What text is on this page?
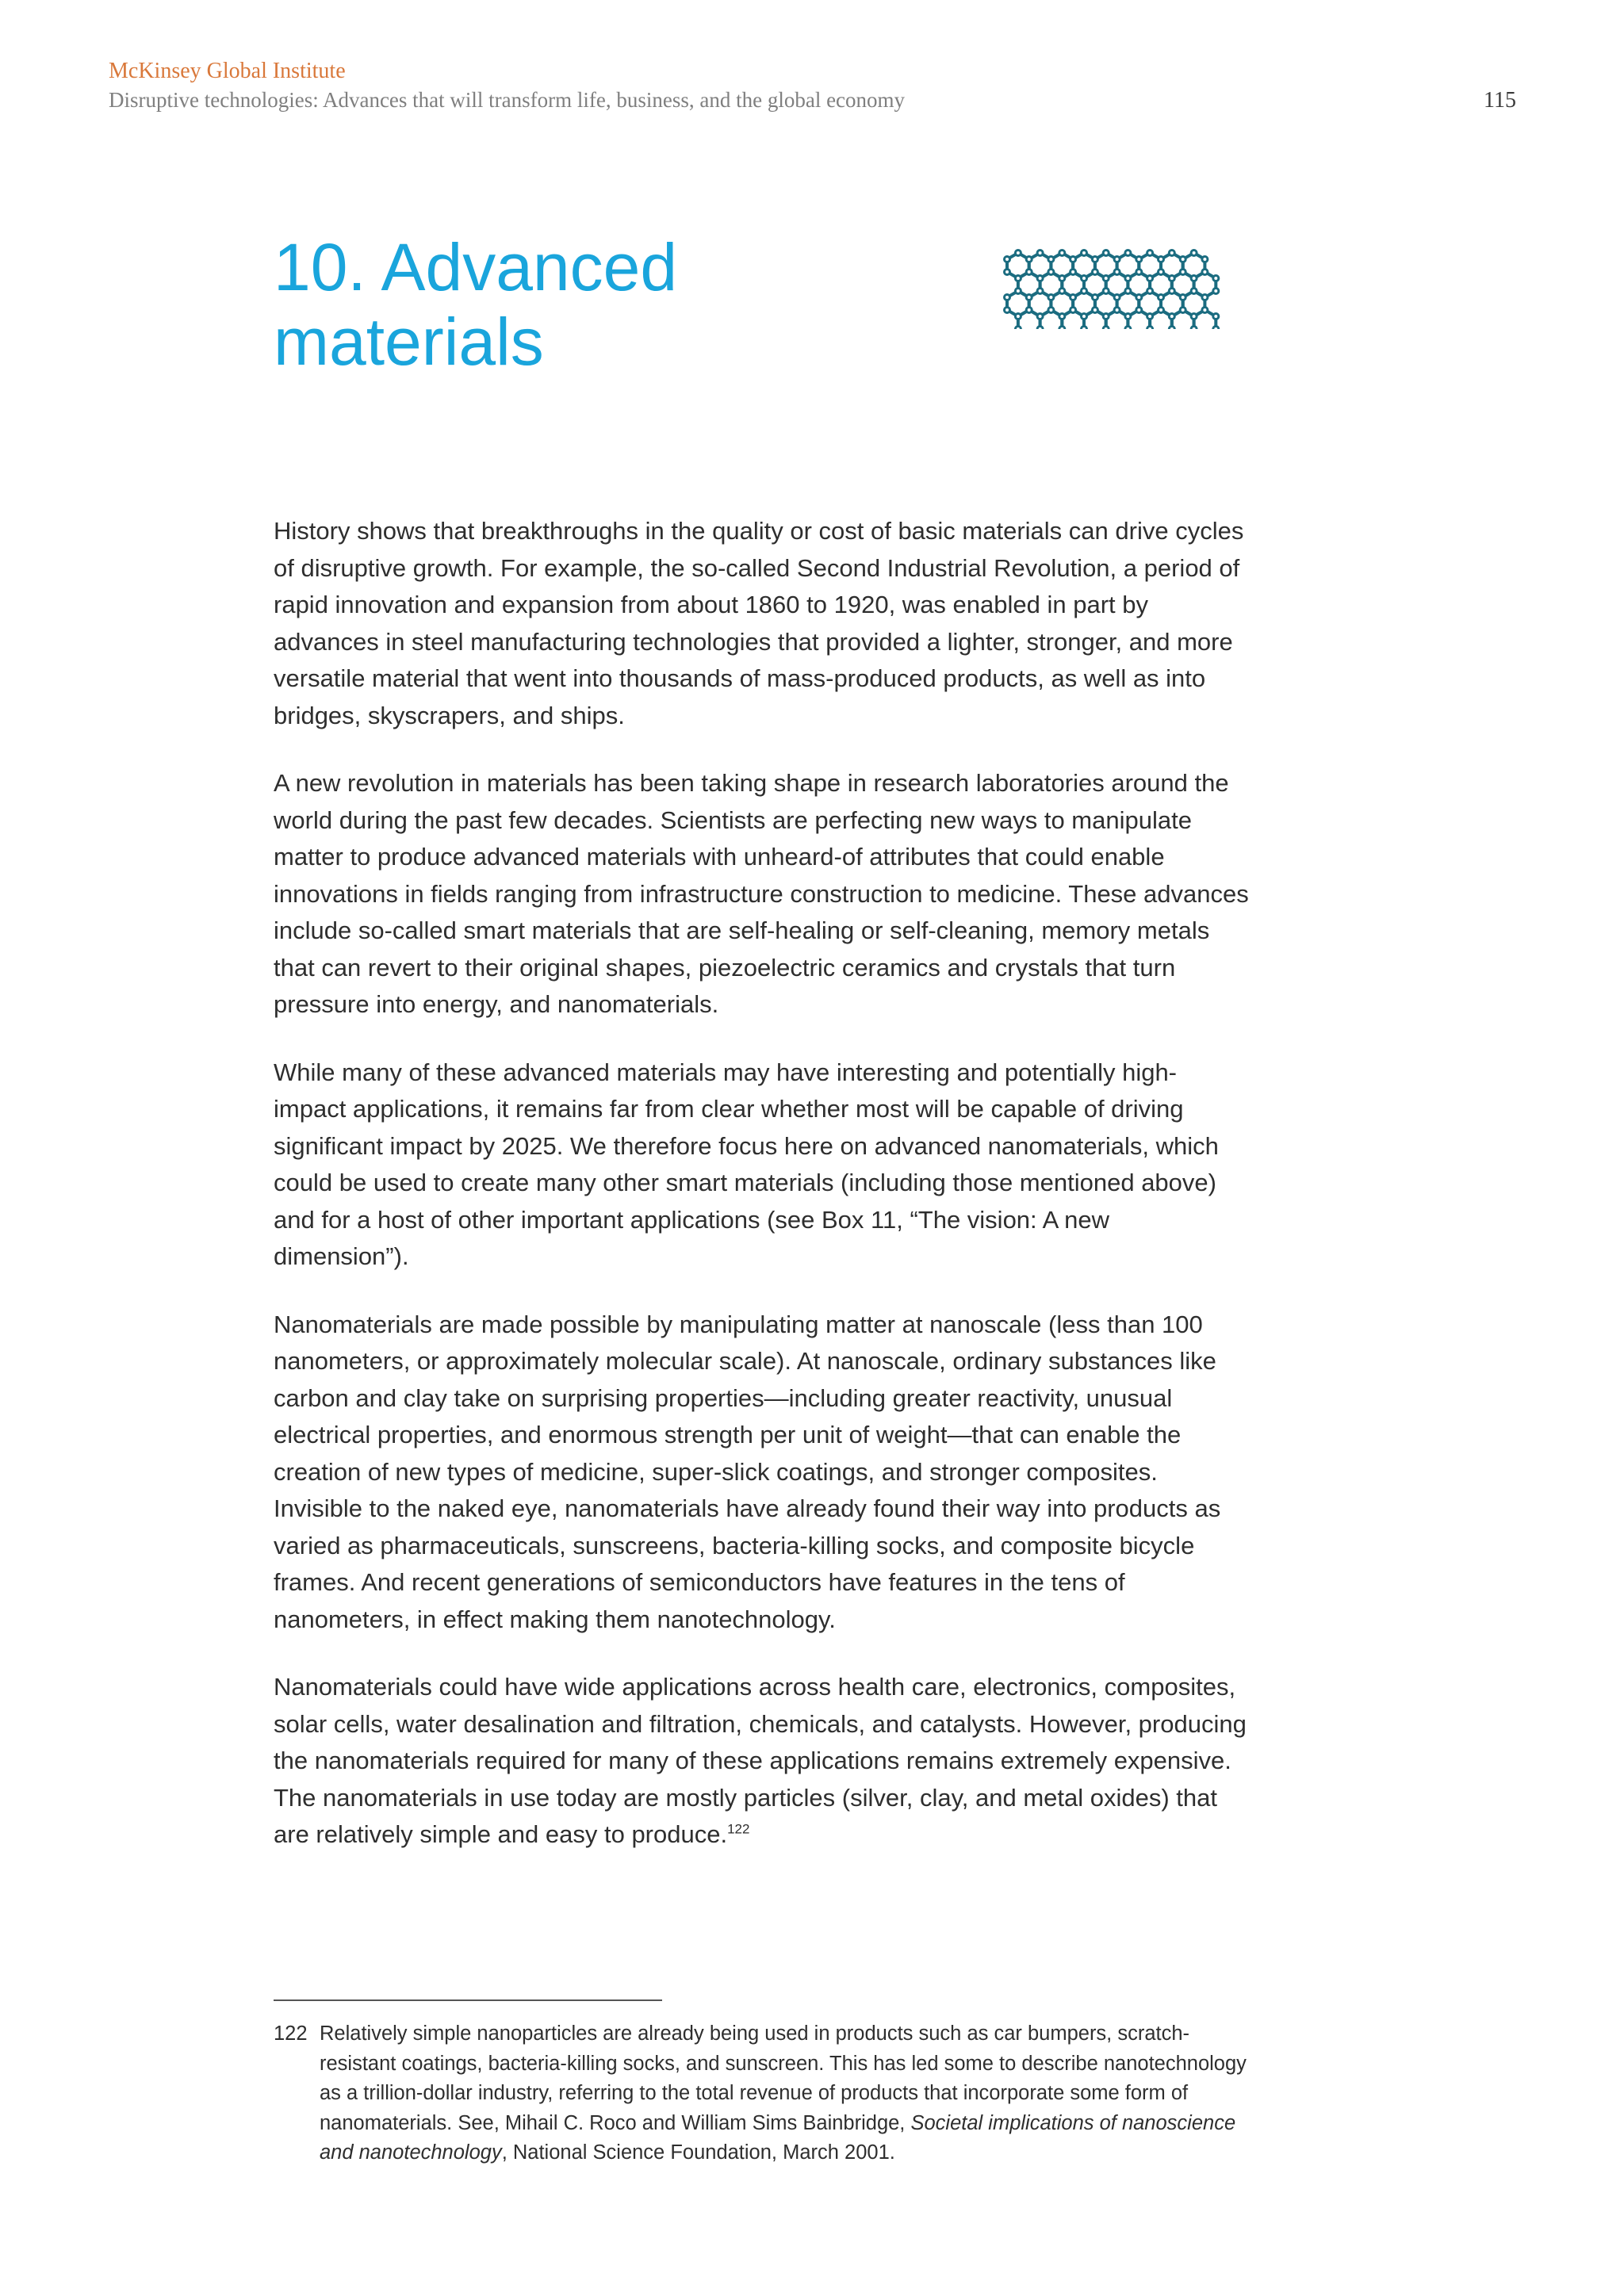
McKinsey Global Institute
Disruptive technologies: Advances that will transform life, business, and the global economy	115
10. Advanced
materials

History shows that breakthroughs in the quality or cost of basic materials can drive cycles of disruptive growth. For example, the so-called Second Industrial Revolution, a period of rapid innovation and expansion from about 1860 to 1920, was enabled in part by advances in steel manufacturing technologies that provided a lighter, stronger, and more versatile material that went into thousands of mass-produced products, as well as into bridges, skyscrapers, and ships.

A new revolution in materials has been taking shape in research laboratories around the world during the past few decades. Scientists are perfecting new ways to manipulate matter to produce advanced materials with unheard-of attributes that could enable innovations in fields ranging from infrastructure construction to medicine. These advances include so-called smart materials that are self-healing or self-cleaning, memory metals that can revert to their original shapes, piezoelectric ceramics and crystals that turn pressure into energy, and nanomaterials.

While many of these advanced materials may have interesting and potentially high-impact applications, it remains far from clear whether most will be capable of driving significant impact by 2025. We therefore focus here on advanced nanomaterials, which could be used to create many other smart materials (including those mentioned above) and for a host of other important applications (see Box 11, “The vision: A new dimension”).

Nanomaterials are made possible by manipulating matter at nanoscale (less than 100 nanometers, or approximately molecular scale). At nanoscale, ordinary substances like carbon and clay take on surprising properties—including greater reactivity, unusual electrical properties, and enormous strength per unit of weight—that can enable the creation of new types of medicine, super-slick coatings, and stronger composites. Invisible to the naked eye, nanomaterials have already found their way into products as varied as pharmaceuticals, sunscreens, bacteria-killing socks, and composite bicycle frames. And recent generations of semiconductors have features in the tens of nanometers, in effect making them nanotechnology.

Nanomaterials could have wide applications across health care, electronics, composites, solar cells, water desalination and filtration, chemicals, and catalysts. However, producing the nanomaterials required for many of these applications remains extremely expensive. The nanomaterials in use today are mostly particles (silver, clay, and metal oxides) that are relatively simple and easy to produce.$^{122}$

122 Relatively simple nanoparticles are already being used in products such as car bumpers, scratch-resistant coatings, bacteria-killing socks, and sunscreen. This has led some to describe nanotechnology as a trillion-dollar industry, referring to the total revenue of products that incorporate some form of nanomaterials. See, Mihail C. Roco and William Sims Bainbridge, Societal implications of nanoscience and nanotechnology, National Science Foundation, March 2001.
